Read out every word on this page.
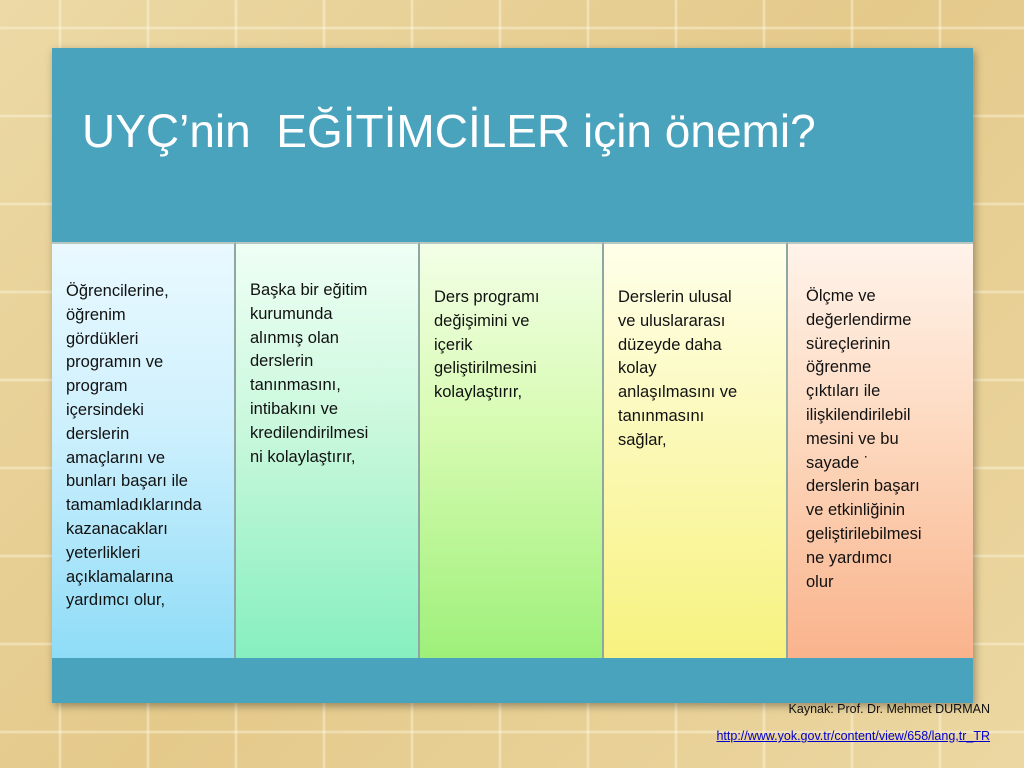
UYÇ’nin  EĞİTİMCİLER için önemi?

Öğrencilerine,
öğrenim
gördükleri
programın ve
program
içersindeki
derslerin
amaçlarını ve
bunları başarı ile
tamamladıklarında
kazanacakları
yeterlikleri
açıklamalarına
yardımcı olur,

Başka bir eğitim
kurumunda
alınmış olan
derslerin
tanınmasını,
intibakını ve
kredilendirilmesi
ni kolaylaştırır,

Ders programı
değişimini ve
içerik
geliştirilmesini
kolaylaştırır,

Derslerin ulusal
ve uluslararası
düzeyde daha
kolay
anlaşılmasını ve
tanınmasını
sağlar,

Ölçme ve
değerlendirme
süreçlerinin
öğrenme
çıktıları ile
ilişkilendirilebil
mesini ve bu
sayade ˙
derslerin başarı
ve etkinliğinin
geliştirilebilmesi
ne yardımcı
olur

Kaynak: Prof. Dr. Mehmet DURMAN

http://www.yok.gov.tr/content/view/658/lang,tr_TR
